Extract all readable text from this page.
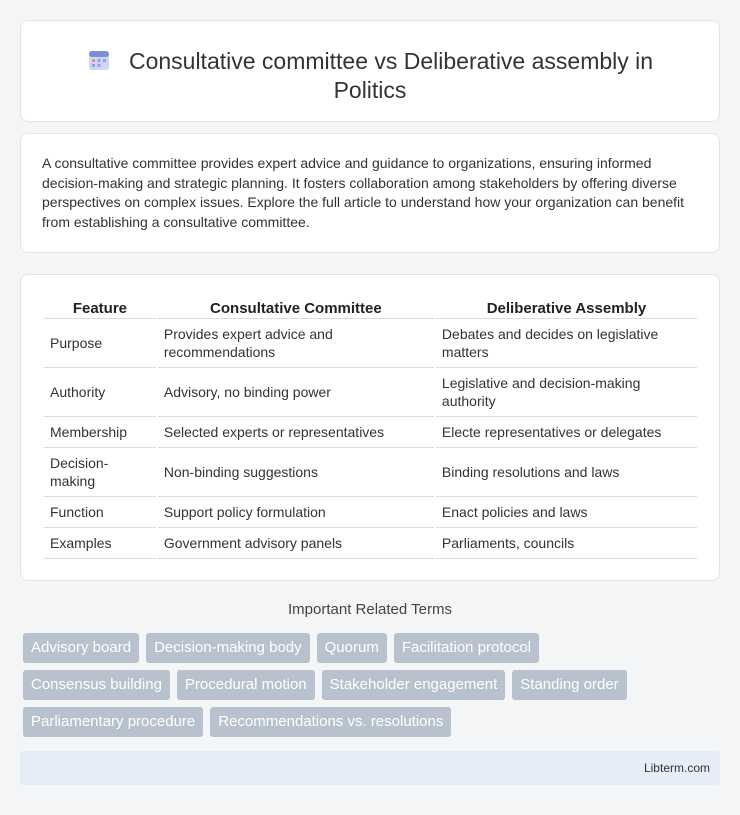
Consultative committee vs Deliberative assembly in Politics

A consultative committee provides expert advice and guidance to organizations, ensuring informed decision-making and strategic planning. It fosters collaboration among stakeholders by offering diverse perspectives on complex issues. Explore the full article to understand how your organization can benefit from establishing a consultative committee.

Feature	Consultative Committee	Deliberative Assembly
Purpose	Provides expert advice and recommendations	Debates and decides on legislative matters
Authority	Advisory, no binding power	Legislative and decision-making authority
Membership	Selected experts or representatives	Electe representatives or delegates
Decision-making	Non-binding suggestions	Binding resolutions and laws
Function	Support policy formulation	Enact policies and laws
Examples	Government advisory panels	Parliaments, councils
Important Related Terms
Advisory board	Decision-making body	Quorum	Facilitation protocol
Consensus building	Procedural motion	Stakeholder engagement	Standing order
Parliamentary procedure	Recommendations vs. resolutions
Libterm.com
